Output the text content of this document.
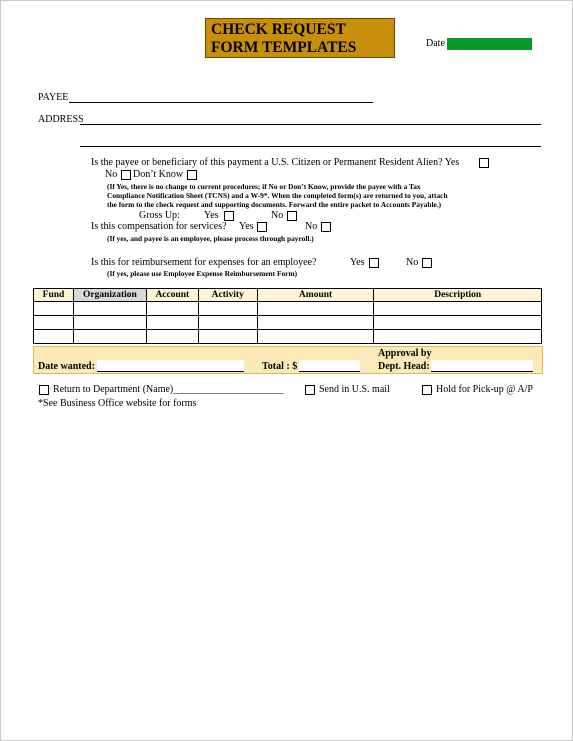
CHECK REQUEST
FORM TEMPLATES	Date
PAYEE
ADDRESS
Is the payee or beneficiary of this payment a U.S. Citizen or Permanent Resident Alien? Yes
No Don’t Know
(If Yes, there is no change to current procedures; if No or Don’t Know, provide the payee with a Tax
Compliance Notification Sheet (TCNS) and a W-9*. When the completed form(s) are returned to you, attach
the form to the check request and supporting documents. Forward the entire packet to Accounts Payable.)
Gross Up: Yes	No
Is this compensation for services? Yes	No
(If yes, and payee is an employee, please process through payroll.)
Is this for reimbursement for expenses for an employee?	Yes	No
(If yes, please use Employee Expense Reimbursement Form)
Fund	Organization	Account	Activity	Amount	Description

Approval by
Date wanted:	Total : $	Dept. Head:
Return to Department (Name)______________________	Send in U.S. mail	Hold for Pick-up @ A/P
*See Business Office website for forms
